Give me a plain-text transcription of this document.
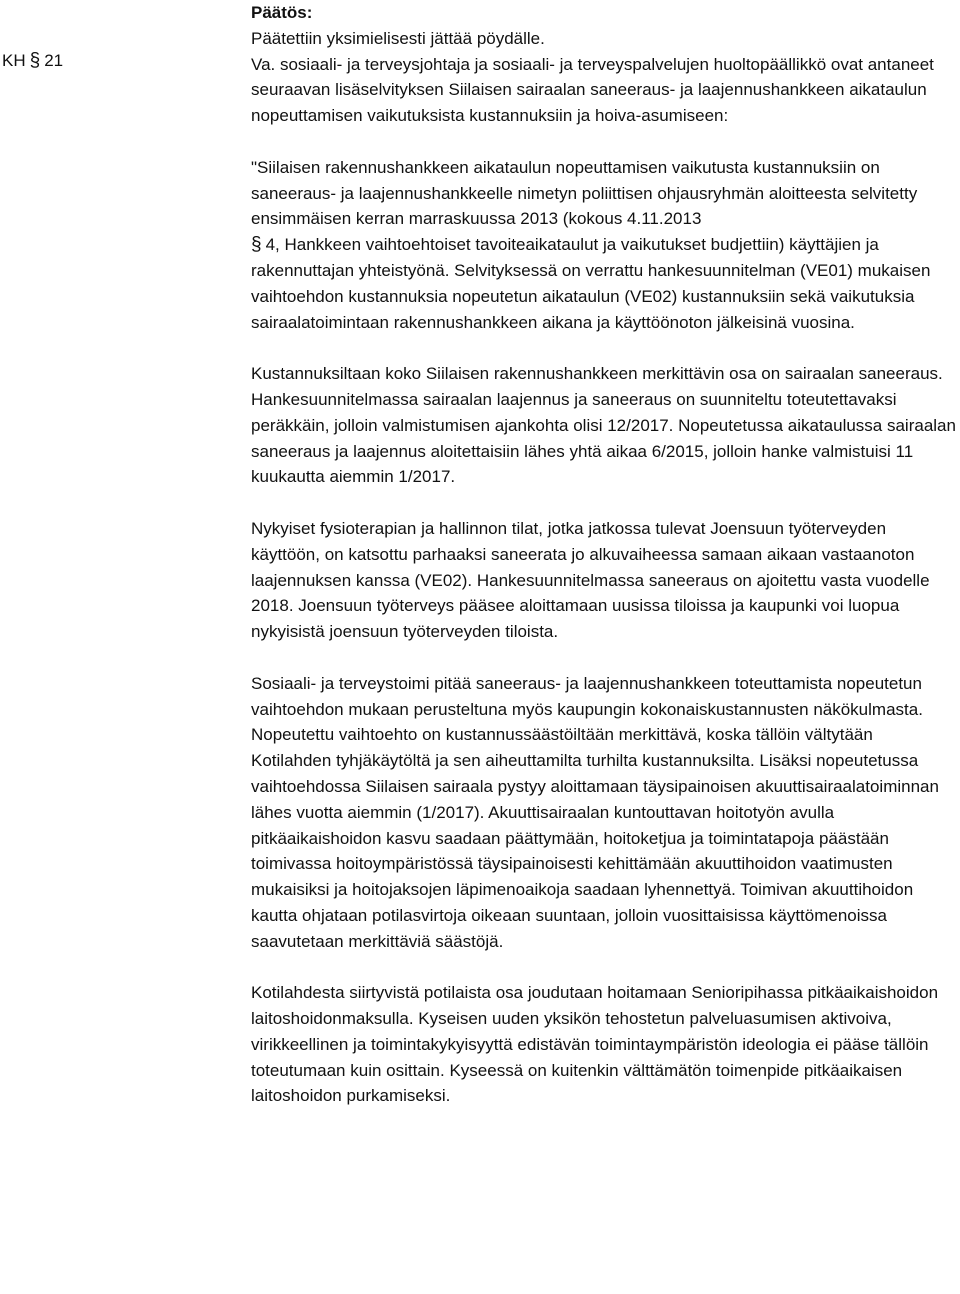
KH § 21

Päätös:

Päätettiin yksimielisesti jättää pöydälle.

Va. sosiaali- ja terveysjohtaja ja sosiaali- ja terveyspalvelujen huoltopäällikkö ovat antaneet seuraavan lisäselvityksen Siilaisen sairaalan saneeraus- ja laajennushankkeen aikataulun nopeuttamisen vaikutuksista kustannuksiin ja hoiva-asumiseen:

"Siilaisen rakennushankkeen aikataulun nopeuttamisen vaikutusta kustannuksiin on saneeraus- ja laajennushankkeelle nimetyn poliittisen ohjausryhmän aloitteesta selvitetty ensimmäisen kerran marraskuussa 2013 (kokous 4.11.2013
§ 4, Hankkeen vaihtoehtoiset tavoiteaikataulut ja vaikutukset budjettiin) käyttäjien ja rakennuttajan yhteistyönä. Selvityksessä on verrattu hankesuunnitelman (VE01) mukaisen vaihtoehdon kustannuksia nopeutetun aikataulun (VE02) kustannuksiin sekä vaikutuksia sairaalatoimintaan rakennushankkeen aikana ja käyttöönoton jälkeisinä vuosina.

Kustannuksiltaan koko Siilaisen rakennushankkeen merkittävin osa on sairaalan saneeraus. Hankesuunnitelmassa sairaalan laajennus ja saneeraus on suunniteltu toteutettavaksi peräkkäin, jolloin valmistumisen ajankohta olisi 12/2017. Nopeutetussa aikataulussa sairaalan saneeraus ja laajennus aloitettaisiin lähes yhtä aikaa 6/2015, jolloin hanke valmistuisi 11 kuukautta aiemmin 1/2017.

Nykyiset fysioterapian ja hallinnon tilat, jotka jatkossa tulevat Joensuun työterveyden käyttöön, on katsottu parhaaksi saneerata jo alkuvaiheessa samaan aikaan vastaanoton laajennuksen kanssa (VE02). Hankesuunnitelmassa saneeraus on ajoitettu vasta vuodelle 2018. Joensuun työterveys pääsee aloittamaan uusissa tiloissa ja kaupunki voi luopua nykyisistä joensuun työterveyden tiloista.

Sosiaali- ja terveystoimi pitää saneeraus- ja laajennushankkeen toteuttamista nopeutetun vaihtoehdon mukaan perusteltuna myös kaupungin kokonaiskustannusten näkökulmasta. Nopeutettu vaihtoehto on kustannussäästöiltään merkittävä, koska tällöin vältytään Kotilahden tyhjäkäytöltä ja sen aiheuttamilta turhilta kustannuksilta. Lisäksi nopeutetussa vaihtoehdossa Siilaisen sairaala pystyy aloittamaan täysipainoisen akuuttisairaalatoiminnan lähes vuotta aiemmin (1/2017). Akuuttisairaalan kuntouttavan hoitotyön avulla pitkäaikaishoidon kasvu saadaan päättymään, hoitoketjua ja toimintatapoja päästään toimivassa hoitoympäristössä täysipainoisesti kehittämään akuuttihoidon vaatimusten mukaisiksi ja hoitojaksojen läpimenoaikoja saadaan lyhennettyä. Toimivan akuuttihoidon kautta ohjataan potilasvirtoja oikeaan suuntaan, jolloin vuosittaisissa käyttömenoissa saavutetaan merkittäviä säästöjä.

Kotilahdesta siirtyvistä potilaista osa joudutaan hoitamaan Senioripihassa pitkäaikaishoidon laitoshoidonmaksulla. Kyseisen uuden yksikön tehostetun palveluasumisen aktivoiva, virikkeellinen ja toimintakykyisyyttä edistävän toimintaympäristön ideologia ei pääse tällöin toteutumaan kuin osittain. Kyseessä on kuitenkin välttämätön toimenpide pitkäaikaisen laitoshoidon purkamiseksi.
